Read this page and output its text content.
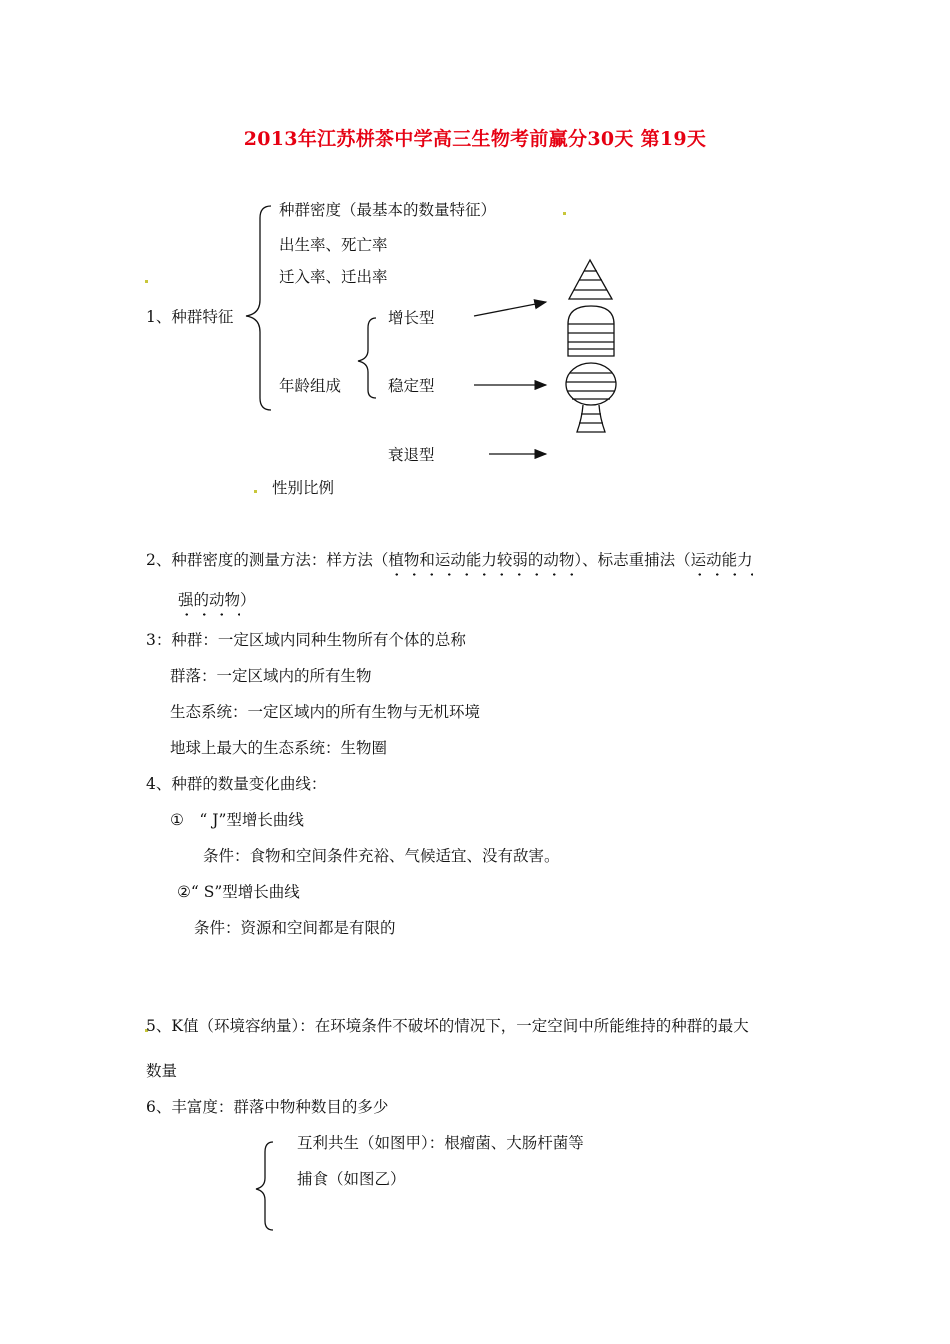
2013年江苏栟茶中学高三生物考前赢分30天 第19天
1、种群特征
种群密度（最基本的数量特征）
出生率、死亡率
迁入率、迁出率
年龄组成
增长型
稳定型
衰退型
性别比例
2、种群密度的测量方法：样方法（植物和运动能力较弱的动物）、标志重捕法（运动能力
强的动物）
3：种群：一定区域内同种生物所有个体的总称
群落：一定区域内的所有生物
生态系统：一定区域内的所有生物与无机环境
地球上最大的生态系统：生物圈
4、种群的数量变化曲线：
①　“ J”型增长曲线
条件：食物和空间条件充裕、气候适宜、没有敌害。
②“ S”型增长曲线
条件：资源和空间都是有限的
5、K值（环境容纳量）：在环境条件不破坏的情况下，一定空间中所能维持的种群的最大
数量
6、丰富度：群落中物种数目的多少
互利共生（如图甲）：根瘤菌、大肠杆菌等
捕食（如图乙）
